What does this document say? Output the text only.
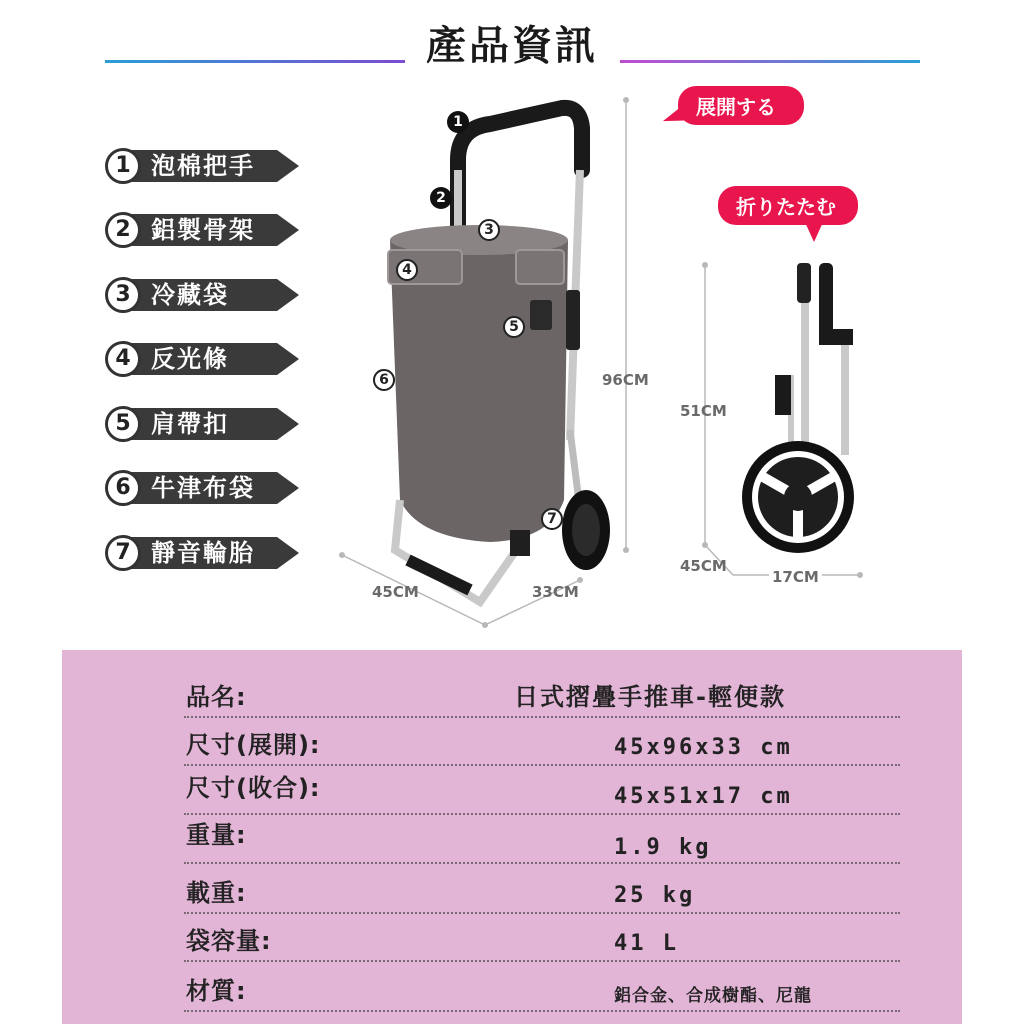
產品資訊
1 泡棉把手
2 鋁製骨架
3 冷藏袋
4 反光條
5 肩帶扣
6 牛津布袋
7 靜音輪胎
1
2
3
4
5
6
7
96CM
45CM	33CM
展開する
折りたたむ
51CM
45CM
17CM
品名:	日式摺疊手推車-輕便款
尺寸(展開):	45x96x33 cm
尺寸(收合):	45x51x17 cm
重量:	1.9 kg
載重:	25 kg
袋容量:	41 L
材質:	鋁合金、合成樹酯、尼龍
